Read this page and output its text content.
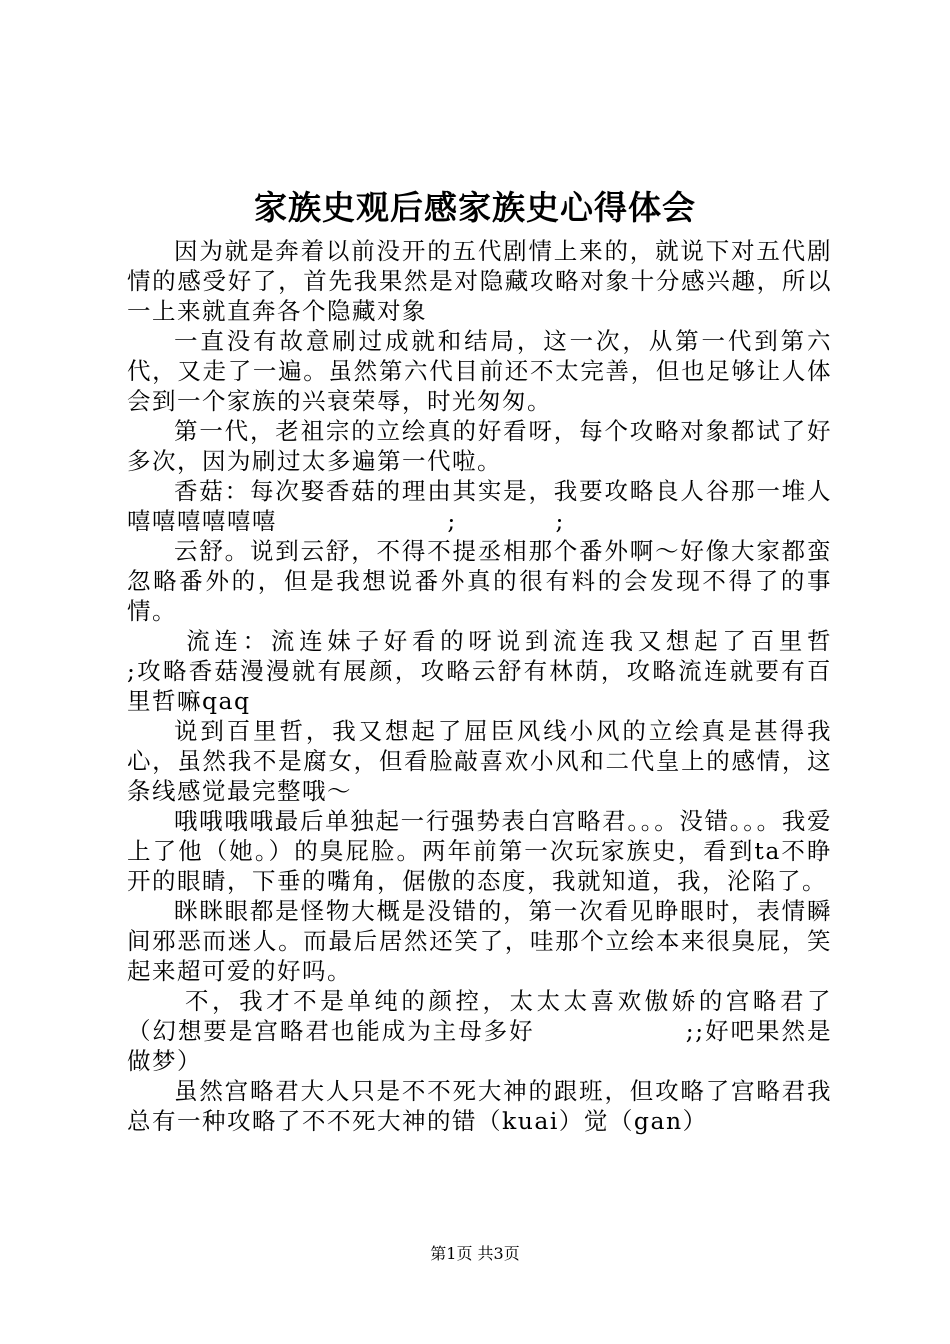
家族史观后感家族史心得体会

因为就是奔着以前没开的五代剧情上来的，就说下对五代剧情的感受好了，首先我果然是对隐藏攻略对象十分感兴趣，所以一上来就直奔各个隐藏对象

一直没有故意刷过成就和结局，这一次，从第一代到第六代，又走了一遍。虽然第六代目前还不太完善，但也足够让人体会到一个家族的兴衰荣辱，时光匆匆。

第一代，老祖宗的立绘真的好看呀，每个攻略对象都试了好多次，因为刷过太多遍第一代啦。

香菇：每次娶香菇的理由其实是，我要攻略良人谷那一堆人嘻嘻嘻嘻嘻嘻                   ;           ;

云舒。说到云舒，不得不提丞相那个番外啊～好像大家都蛮忽略番外的，但是我想说番外真的很有料的会发现不得了的事情。

流连：流连妹子好看的呀说到流连我又想起了百里哲             ;攻略香菇漫漫就有展颜，攻略云舒有林荫，攻略流连就要有百里哲嘛qaq

说到百里哲，我又想起了屈臣风线小风的立绘真是甚得我心，虽然我不是腐女，但看脸敲喜欢小风和二代皇上的感情，这条线感觉最完整哦～

哦哦哦哦最后单独起一行强势表白宫略君。。。没错。。。我爱上了他（她。）的臭屁脸。两年前第一次玩家族史，看到ta不睁开的眼睛，下垂的嘴角，倨傲的态度，我就知道，我，沦陷了。

眯眯眼都是怪物大概是没错的，第一次看见睁眼时，表情瞬间邪恶而迷人。而最后居然还笑了，哇那个立绘本来很臭屁，笑起来超可爱的好吗。

不，我才不是单纯的颜控，太太太喜欢傲娇的宫略君了（幻想要是宫略君也能成为主母多好                ;;好吧果然是做梦）

虽然宫略君大人只是不不死大神的跟班，但攻略了宫略君我总有一种攻略了不不死大神的错（kuai）觉（gan）

第1页 共3页
